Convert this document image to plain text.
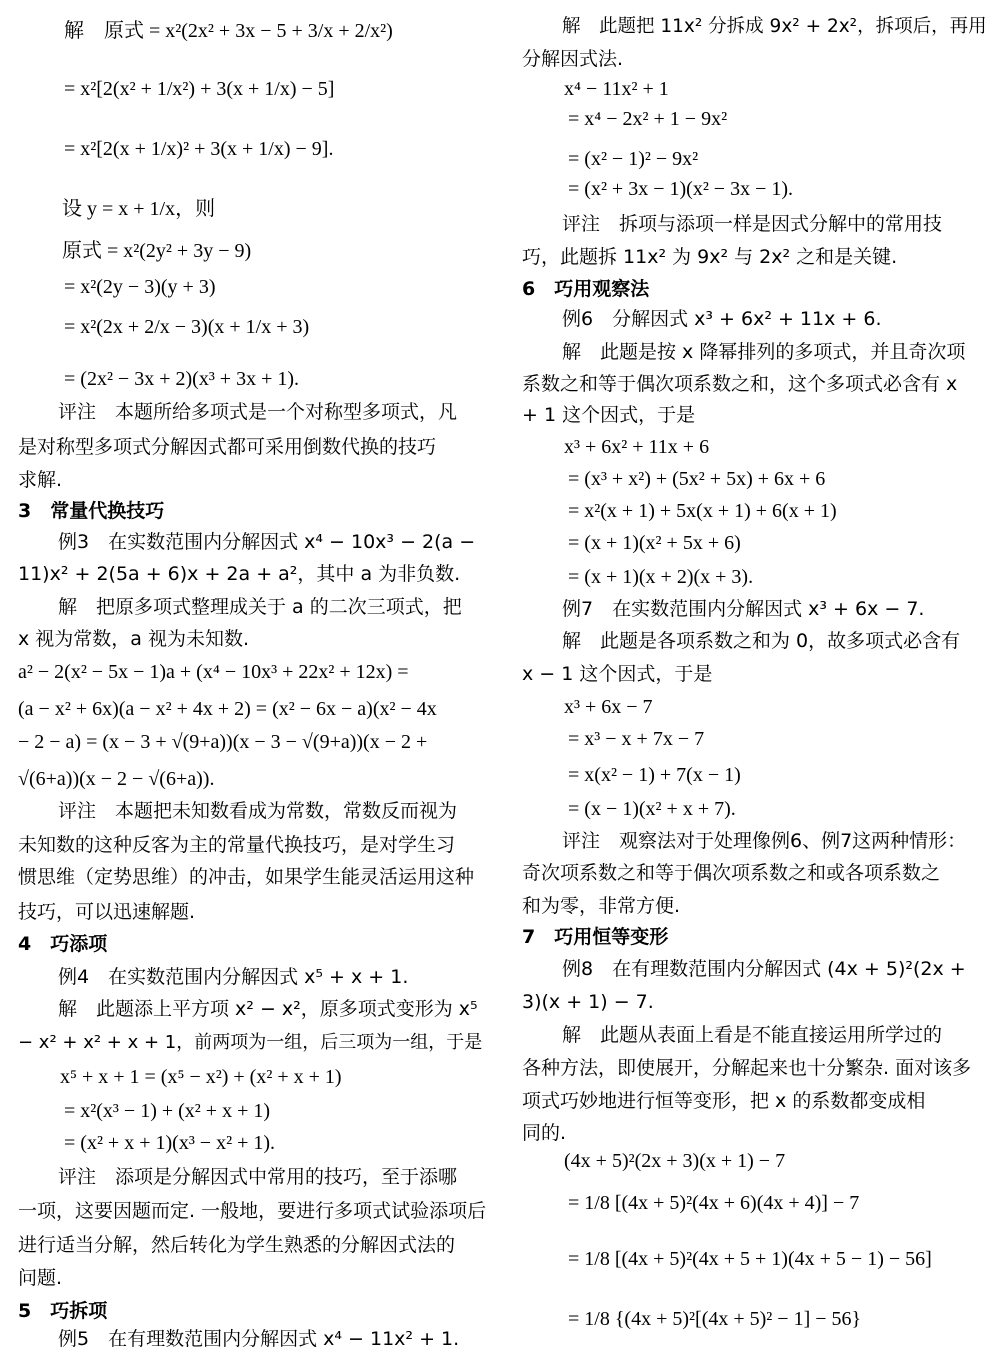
解　原式 = x²(2x² + 3x − 5 + 3/x + 2/x²)
= x²[2(x² + 1/x²) + 3(x + 1/x) − 5]
= x²[2(x + 1/x)² + 3(x + 1/x) − 9].
设 y = x + 1/x，则
原式 = x²(2y² + 3y − 9)
= x²(2y − 3)(y + 3)
= x²(2x + 2/x − 3)(x + 1/x + 3)
= (2x² − 3x + 2)(x³ + 3x + 1).
评注　本题所给多项式是一个对称型多项式，凡
是对称型多项式分解因式都可采用倒数代换的技巧
求解.
3　常量代换技巧
例3　在实数范围内分解因式 x⁴ − 10x³ − 2(a −
11)x² + 2(5a + 6)x + 2a + a²，其中 a 为非负数.
解　把原多项式整理成关于 a 的二次三项式，把
x 视为常数，a 视为未知数.
a² − 2(x² − 5x − 1)a + (x⁴ − 10x³ + 22x² + 12x) =
(a − x² + 6x)(a − x² + 4x + 2) = (x² − 6x − a)(x² − 4x
− 2 − a) = (x − 3 + √(9+a))(x − 3 − √(9+a))(x − 2 +
√(6+a))(x − 2 − √(6+a)).
评注　本题把未知数看成为常数，常数反而视为
未知数的这种反客为主的常量代换技巧，是对学生习
惯思维（定势思维）的冲击，如果学生能灵活运用这种
技巧，可以迅速解题.
4　巧添项
例4　在实数范围内分解因式 x⁵ + x + 1.
解　此题添上平方项 x² − x²，原多项式变形为 x⁵
− x² + x² + x + 1，前两项为一组，后三项为一组，于是
x⁵ + x + 1 = (x⁵ − x²) + (x² + x + 1)
= x²(x³ − 1) + (x² + x + 1)
= (x² + x + 1)(x³ − x² + 1).
评注　添项是分解因式中常用的技巧，至于添哪
一项，这要因题而定. 一般地，要进行多项式试验添项后
进行适当分解，然后转化为学生熟悉的分解因式法的
问题.
5　巧拆项
例5　在有理数范围内分解因式 x⁴ − 11x² + 1.
解　此题把 11x² 分拆成 9x² + 2x²，拆项后，再用
分解因式法.
x⁴ − 11x² + 1
= x⁴ − 2x² + 1 − 9x²
= (x² − 1)² − 9x²
= (x² + 3x − 1)(x² − 3x − 1).
评注　拆项与添项一样是因式分解中的常用技
巧，此题拆 11x² 为 9x² 与 2x² 之和是关键.
6　巧用观察法
例6　分解因式 x³ + 6x² + 11x + 6.
解　此题是按 x 降幂排列的多项式，并且奇次项
系数之和等于偶次项系数之和，这个多项式必含有 x
+ 1 这个因式，于是
x³ + 6x² + 11x + 6
= (x³ + x²) + (5x² + 5x) + 6x + 6
= x²(x + 1) + 5x(x + 1) + 6(x + 1)
= (x + 1)(x² + 5x + 6)
= (x + 1)(x + 2)(x + 3).
例7　在实数范围内分解因式 x³ + 6x − 7.
解　此题是各项系数之和为 0，故多项式必含有
x − 1 这个因式，于是
x³ + 6x − 7
= x³ − x + 7x − 7
= x(x² − 1) + 7(x − 1)
= (x − 1)(x² + x + 7).
评注　观察法对于处理像例6、例7这两种情形：
奇次项系数之和等于偶次项系数之和或各项系数之
和为零，非常方便.
7　巧用恒等变形
例8　在有理数范围内分解因式 (4x + 5)²(2x +
3)(x + 1) − 7.
解　此题从表面上看是不能直接运用所学过的
各种方法，即使展开，分解起来也十分繁杂. 面对该多
项式巧妙地进行恒等变形，把 x 的系数都变成相
同的.
(4x + 5)²(2x + 3)(x + 1) − 7
= 1/8 [(4x + 5)²(4x + 6)(4x + 4)] − 7
= 1/8 [(4x + 5)²(4x + 5 + 1)(4x + 5 − 1) − 56]
= 1/8 {(4x + 5)²[(4x + 5)² − 1] − 56}
